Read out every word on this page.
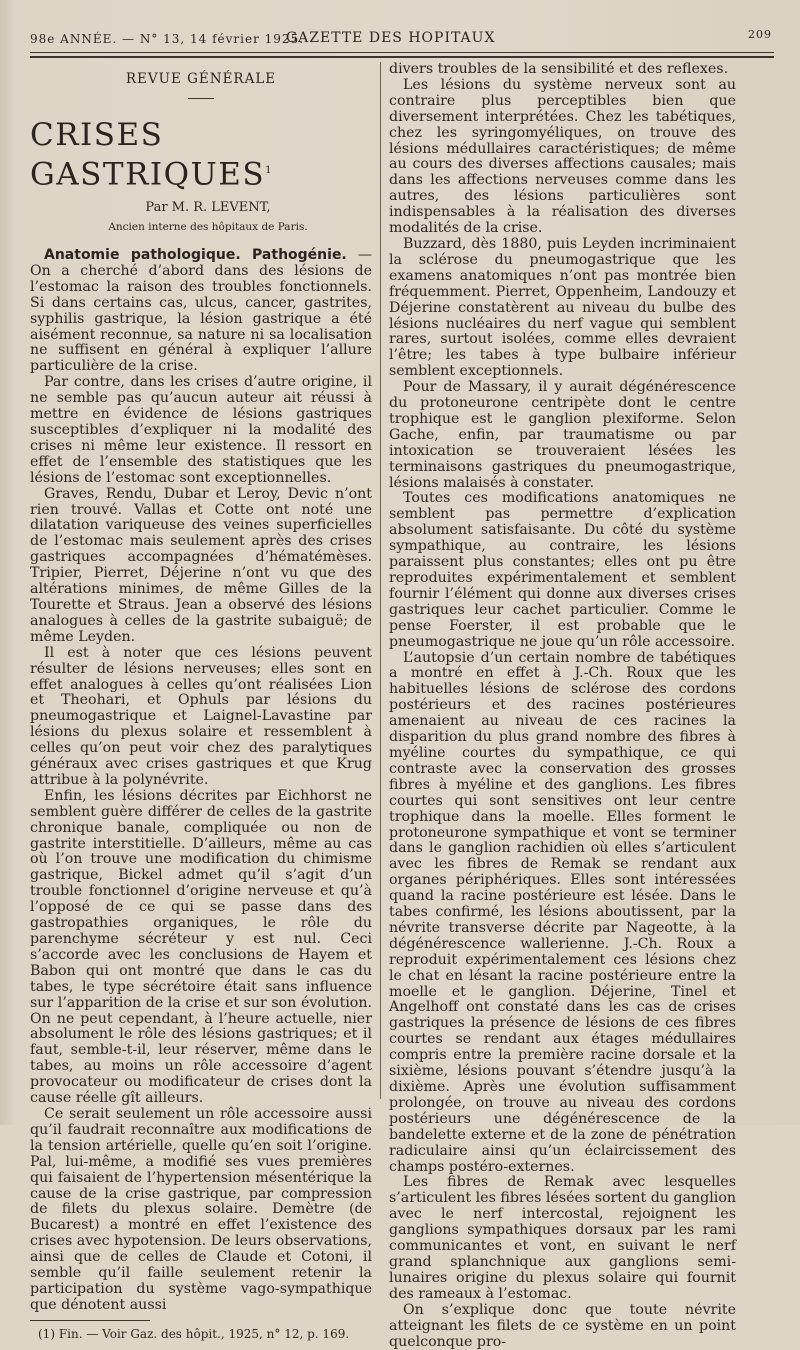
98e ANNÉE. — N° 13, 14 février 1925.
GAZETTE DES HOPITAUX	209
REVUE GÉNÉRALE
CRISES GASTRIQUES$^1$

Par M. R. LEVENT,

Ancien interne des hôpitaux de Paris.

Anatomie pathologique. Pathogénie. — On a cherché d’abord dans des lésions de l’estomac la raison des troubles fonctionnels. Si dans certains cas, ulcus, cancer, gastrites, syphilis gastrique, la lésion gastrique a été aisément reconnue, sa nature ni sa localisation ne suffisent en général à expliquer l’allure particulière de la crise.

Par contre, dans les crises d’autre origine, il ne semble pas qu’aucun auteur ait réussi à mettre en évidence de lésions gastriques susceptibles d’expliquer ni la modalité des crises ni même leur existence. Il ressort en effet de l’ensemble des statistiques que les lésions de l’estomac sont exceptionnelles.

Graves, Rendu, Dubar et Leroy, Devic n’ont rien trouvé. Vallas et Cotte ont noté une dilatation variqueuse des veines superficielles de l’estomac mais seulement après des crises gastriques accompagnées d’hématémèses. Tripier, Pierret, Déjerine n’ont vu que des altérations minimes, de même Gilles de la Tourette et Straus. Jean a observé des lésions analogues à celles de la gastrite subaiguë; de même Leyden.

Il est à noter que ces lésions peuvent résulter de lésions nerveuses; elles sont en effet analogues à celles qu’ont réalisées Lion et Theohari, et Ophuls par lésions du pneumogastrique et Laignel-Lavastine par lésions du plexus solaire et ressemblent à celles qu’on peut voir chez des paralytiques généraux avec crises gastriques et que Krug attribue à la polynévrite.

Enfin, les lésions décrites par Eichhorst ne semblent guère différer de celles de la gastrite chronique banale, compliquée ou non de gastrite interstitielle. D’ailleurs, même au cas où l’on trouve une modification du chimisme gastrique, Bickel admet qu’il s’agit d’un trouble fonctionnel d’origine nerveuse et qu’à l’opposé de ce qui se passe dans des gastropathies organiques, le rôle du parenchyme sécréteur y est nul. Ceci s’accorde avec les conclusions de Hayem et Babon qui ont montré que dans le cas du tabes, le type sécrétoire était sans influence sur l’apparition de la crise et sur son évolution. On ne peut cependant, à l’heure actuelle, nier absolument le rôle des lésions gastriques; et il faut, semble-t-il, leur réserver, même dans le tabes, au moins un rôle accessoire d’agent provocateur ou modificateur de crises dont la cause réelle gît ailleurs.

Ce serait seulement un rôle accessoire aussi qu’il faudrait reconnaître aux modifications de la tension artérielle, quelle qu’en soit l’origine. Pal, lui-même, a modifié ses vues premières qui faisaient de l’hypertension mésentérique la cause de la crise gastrique, par compression de filets du plexus solaire. Demètre (de Bucarest) a montré en effet l’existence des crises avec hypotension. De leurs observations, ainsi que de celles de Claude et Cotoni, il semble qu’il faille seulement retenir la participation du système vago-sympathique que dénotent aussi

(1) Fin. — Voir Gaz. des hôpit., 1925, n° 12, p. 169.

divers troubles de la sensibilité et des reflexes.

Les lésions du système nerveux sont au contraire plus perceptibles bien que diversement interprétées. Chez les tabétiques, chez les syringomyéliques, on trouve des lésions médullaires caractéristiques; de même au cours des diverses affections causales; mais dans les affections nerveuses comme dans les autres, des lésions particulières sont indispensables à la réalisation des diverses modalités de la crise.

Buzzard, dès 1880, puis Leyden incriminaient la sclérose du pneumogastrique que les examens anatomiques n’ont pas montrée bien fréquemment. Pierret, Oppenheim, Landouzy et Déjerine constatèrent au niveau du bulbe des lésions nucléaires du nerf vague qui semblent rares, surtout isolées, comme elles devraient l’être; les tabes à type bulbaire inférieur semblent exceptionnels.

Pour de Massary, il y aurait dégénérescence du protoneurone centripète dont le centre trophique est le ganglion plexiforme. Selon Gache, enfin, par traumatisme ou par intoxication se trouveraient lésées les terminaisons gastriques du pneumogastrique, lésions malaisés à constater.

Toutes ces modifications anatomiques ne semblent pas permettre d’explication absolument satisfaisante. Du côté du système sympathique, au contraire, les lésions paraissent plus constantes; elles ont pu être reproduites expérimentalement et semblent fournir l’élément qui donne aux diverses crises gastriques leur cachet particulier. Comme le pense Foerster, il est probable que le pneumogastrique ne joue qu’un rôle accessoire.

L’autopsie d’un certain nombre de tabétiques a montré en effet à J.-Ch. Roux que les habituelles lésions de sclérose des cordons postérieurs et des racines postérieures amenaient au niveau de ces racines la disparition du plus grand nombre des fibres à myéline courtes du sympathique, ce qui contraste avec la conservation des grosses fibres à myéline et des ganglions. Les fibres courtes qui sont sensitives ont leur centre trophique dans la moelle. Elles forment le protoneurone sympathique et vont se terminer dans le ganglion rachidien où elles s’articulent avec les fibres de Remak se rendant aux organes périphériques. Elles sont intéressées quand la racine postérieure est lésée. Dans le tabes confirmé, les lésions aboutissent, par la névrite transverse décrite par Nageotte, à la dégénérescence wallerienne. J.-Ch. Roux a reproduit expérimentalement ces lésions chez le chat en lésant la racine postérieure entre la moelle et le ganglion. Déjerine, Tinel et Angelhoff ont constaté dans les cas de crises gastriques la présence de lésions de ces fibres courtes se rendant aux étages médullaires compris entre la première racine dorsale et la sixième, lésions pouvant s’étendre jusqu’à la dixième. Après une évolution suffisamment prolongée, on trouve au niveau des cordons postérieurs une dégénérescence de la bandelette externe et de la zone de pénétration radiculaire ainsi qu’un éclaircissement des champs postéro-externes.

Les fibres de Remak avec lesquelles s’articulent les fibres lésées sortent du ganglion avec le nerf intercostal, rejoignent les ganglions sympathiques dorsaux par les rami communicantes et vont, en suivant le nerf grand splanchnique aux ganglions semi-lunaires origine du plexus solaire qui fournit des rameaux à l’estomac.

On s’explique donc que toute névrite atteignant les filets de ce système en un point quelconque pro-
